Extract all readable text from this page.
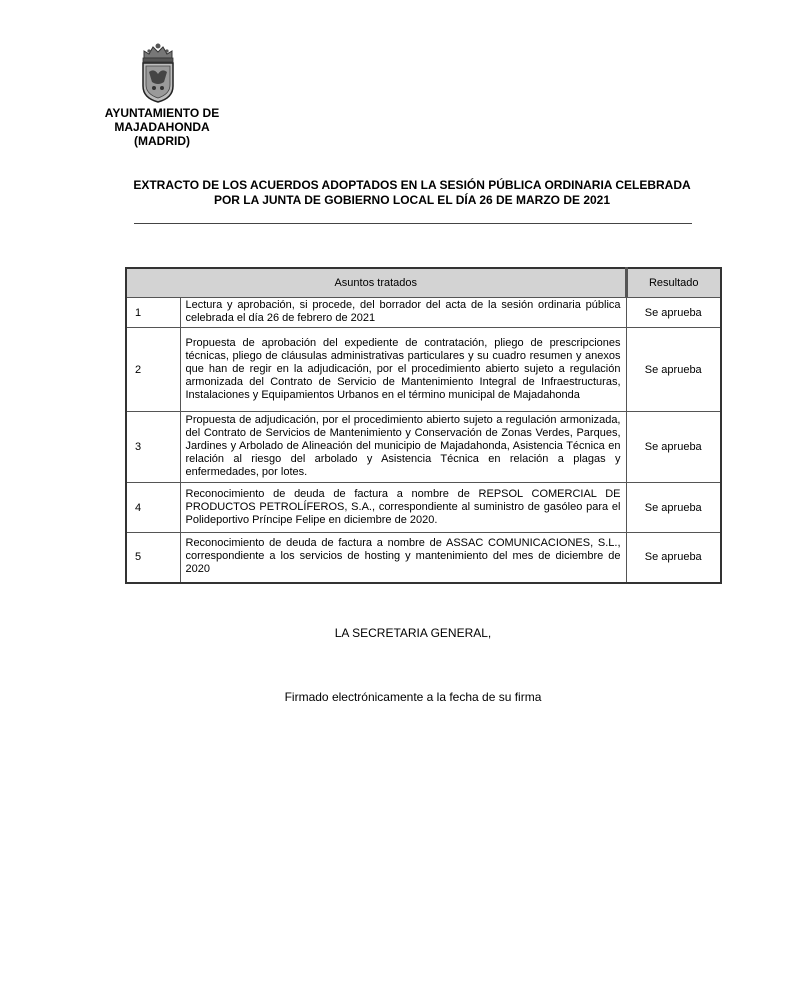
AYUNTAMIENTO DE
MAJADAHONDA
(MADRID)
EXTRACTO DE LOS ACUERDOS ADOPTADOS EN LA SESIÓN PÚBLICA ORDINARIA CELEBRADA
POR LA JUNTA DE GOBIERNO LOCAL EL DÍA 26 DE MARZO DE 2021
Asuntos tratados		Resultado
1	Lectura y aprobación, si procede, del borrador del acta de la sesión ordinaria pública celebrada el día 26 de febrero de 2021	Se aprueba
2	Propuesta de aprobación del expediente de contratación, pliego de prescripciones técnicas, pliego de cláusulas administrativas particulares y su cuadro resumen y anexos que han de regir en la adjudicación, por el procedimiento abierto sujeto a regulación armonizada del Contrato de Servicio de Mantenimiento Integral de Infraestructuras, Instalaciones y Equipamientos Urbanos en el término municipal de Majadahonda	Se aprueba
3	Propuesta de adjudicación, por el procedimiento abierto sujeto a regulación armonizada, del Contrato de Servicios de Mantenimiento y Conservación de Zonas Verdes, Parques, Jardines y Arbolado de Alineación del municipio de Majadahonda, Asistencia Técnica en relación al riesgo del arbolado y Asistencia Técnica en relación a plagas y enfermedades, por lotes.	Se aprueba
4	Reconocimiento de deuda de factura a nombre de REPSOL COMERCIAL DE PRODUCTOS PETROLÍFEROS, S.A., correspondiente al suministro de gasóleo para el Polideportivo Príncipe Felipe en diciembre de 2020.	Se aprueba
5	Reconocimiento de deuda de factura a nombre de ASSAC COMUNICACIONES, S.L., correspondiente a los servicios de hosting y mantenimiento del mes de diciembre de 2020	Se aprueba
LA SECRETARIA GENERAL,
Firmado electrónicamente a la fecha de su firma
